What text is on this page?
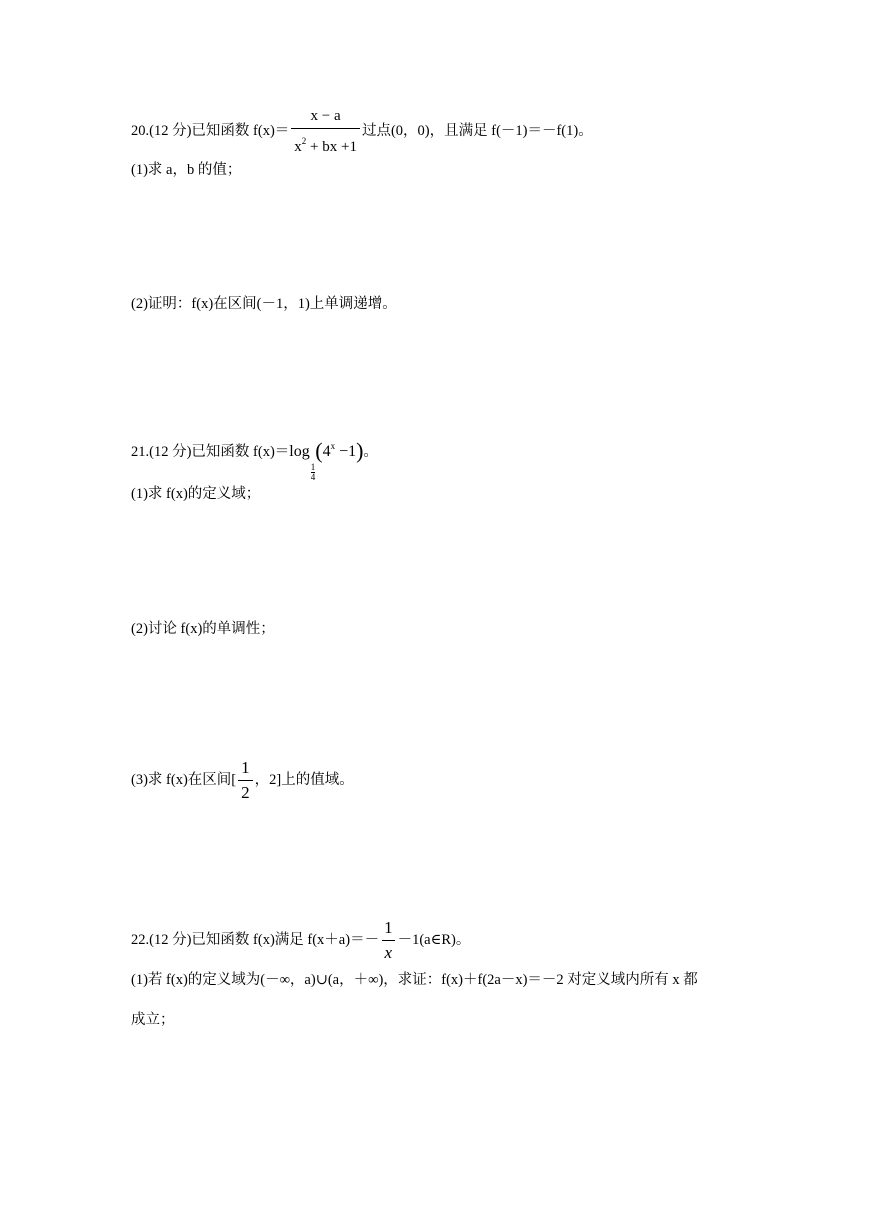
20.(12 分)已知函数 $f(x)= \frac{x - a}{x^2 + bx +1}$ 过点(0，0)，且满足 f(－1)＝－f(1)。
(1)求 a，b 的值；
(2)证明：f(x)在区间(－1，1)上单调递增。
21.(12 分)已知函数 f(x)＝log
$\frac{1}{4}$
$(4^x -1)$。
(1)求 f(x)的定义域；
(2)讨论 f(x)的单调性；
(3)求 f(x)在区间[ $\frac{1}{2}$ ，2]上的值域。
22.(12 分)已知函数 f(x)满足 $f(x+a)=- \frac{1}{x}$ －1(a∈R)。
(1)若 f(x)的定义域为(－∞，a)∪(a，＋∞)，求证：f(x)＋f(2a－x)＝－2 对定义域内所有 x 都
成立；
